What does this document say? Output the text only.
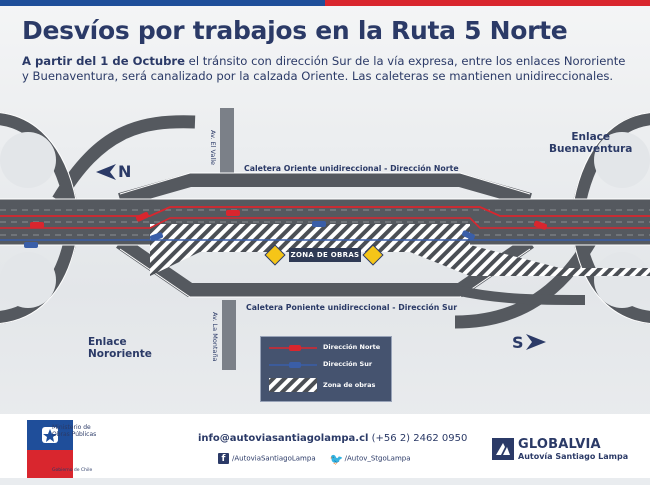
Desvíos por trabajos en la Ruta 5 Norte
A partir del 1 de Octubre el tránsito con dirección Sur de la vía expresa, entre los enlaces Nororiente y Buenaventura, será canalizado por la calzada Oriente. Las caleteras se mantienen unidireccionales.
N
S
Enlace
Buenaventura
Enlace
Nororiente
Caletera Oriente unidireccional - Dirección Norte
Caletera Poniente unidireccional - Dirección Sur
Av. El Valle
Av. La Montaña
ZONA DE OBRAS
Dirección Norte
Dirección Sur
Zona de obras
Ministerio de Obras Públicas
Gobierno de Chile
info@autoviasantiagolampa.cl (+56 2) 2462 0950
f /AutoviaSantiagoLampa 🐦/Autov_StgoLampa
GLOBALVIA
Autovía Santiago Lampa
